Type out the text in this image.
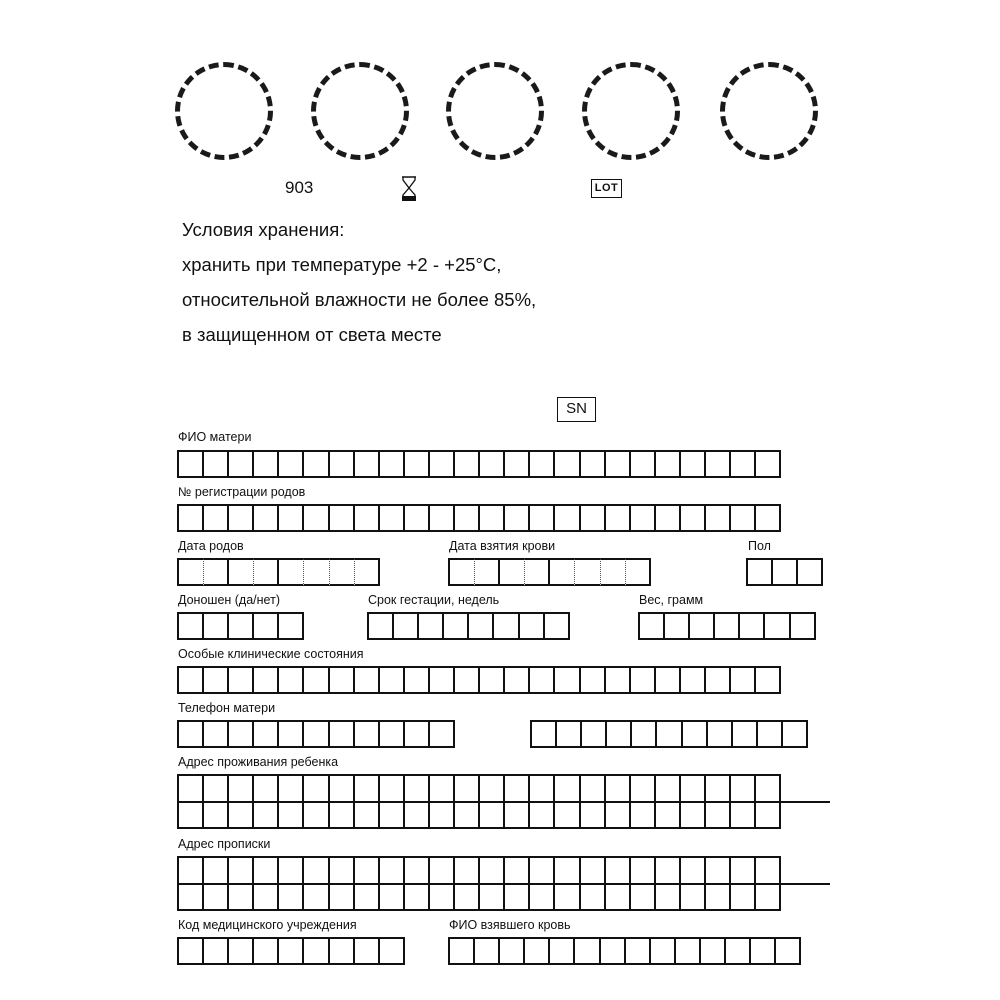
903	LOT
Условия хранения:
хранить при температуре +2 - +25°С,
относительной влажности не более 85%,
в защищенном от света месте
SN
ФИО матери
№ регистрации родов
Дата родов	Дата взятия крови	Пол
Доношен (да/нет)	Срок гестации, недель	Вес, грамм
Особые клинические состояния
Телефон матери
Адрес проживания ребенка
Адрес прописки
Код медицинского учреждения	ФИО взявшего кровь
